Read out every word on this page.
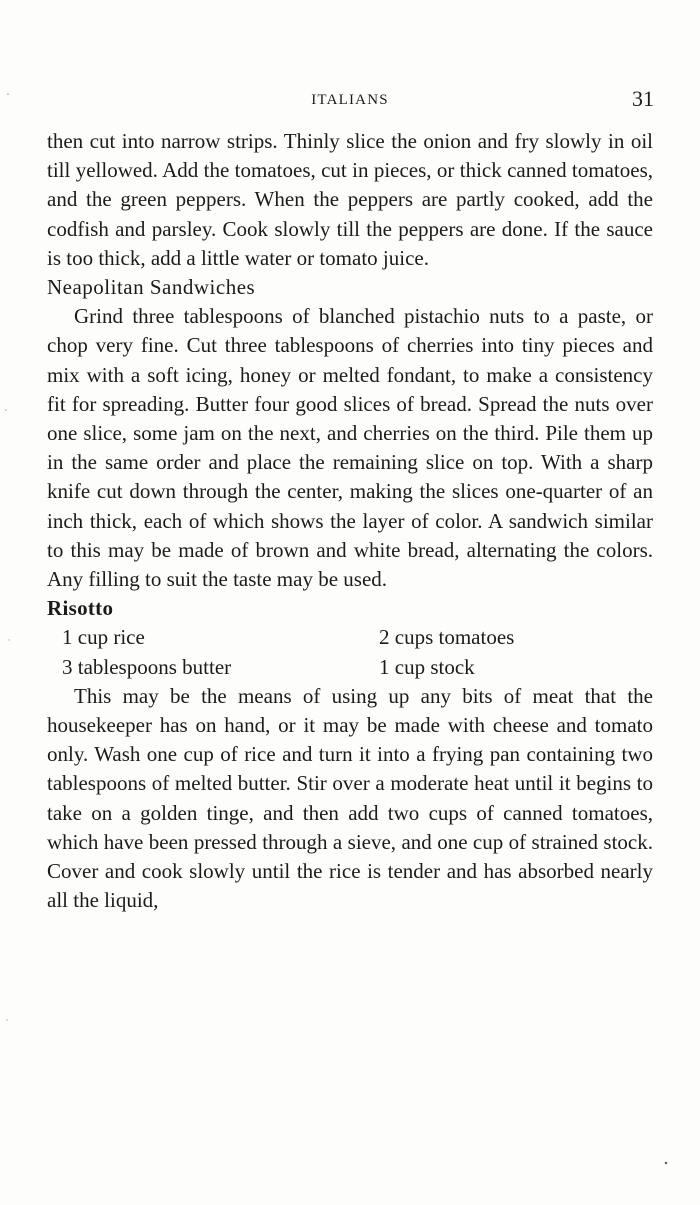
ITALIANS	31

then cut into narrow strips. Thinly slice the onion and fry slowly in oil till yellowed. Add the tomatoes, cut in pieces, or thick canned tomatoes, and the green peppers. When the peppers are partly cooked, add the codfish and parsley. Cook slowly till the peppers are done. If the sauce is too thick, add a little water or tomato juice.

Neapolitan Sandwiches

Grind three tablespoons of blanched pistachio nuts to a paste, or chop very fine. Cut three tablespoons of cherries into tiny pieces and mix with a soft icing, honey or melted fondant, to make a consistency fit for spreading. Butter four good slices of bread. Spread the nuts over one slice, some jam on the next, and cherries on the third. Pile them up in the same order and place the remaining slice on top. With a sharp knife cut down through the center, making the slices one-quarter of an inch thick, each of which shows the layer of color. A sandwich similar to this may be made of brown and white bread, alternating the colors. Any filling to suit the taste may be used.

Risotto

1 cup rice	2 cups tomatoes
3 tablespoons butter	1 cup stock

This may be the means of using up any bits of meat that the housekeeper has on hand, or it may be made with cheese and tomato only. Wash one cup of rice and turn it into a frying pan containing two tablespoons of melted butter. Stir over a moderate heat until it begins to take on a golden tinge, and then add two cups of canned tomatoes, which have been pressed through a sieve, and one cup of strained stock. Cover and cook slowly until the rice is tender and has absorbed nearly all the liquid,
